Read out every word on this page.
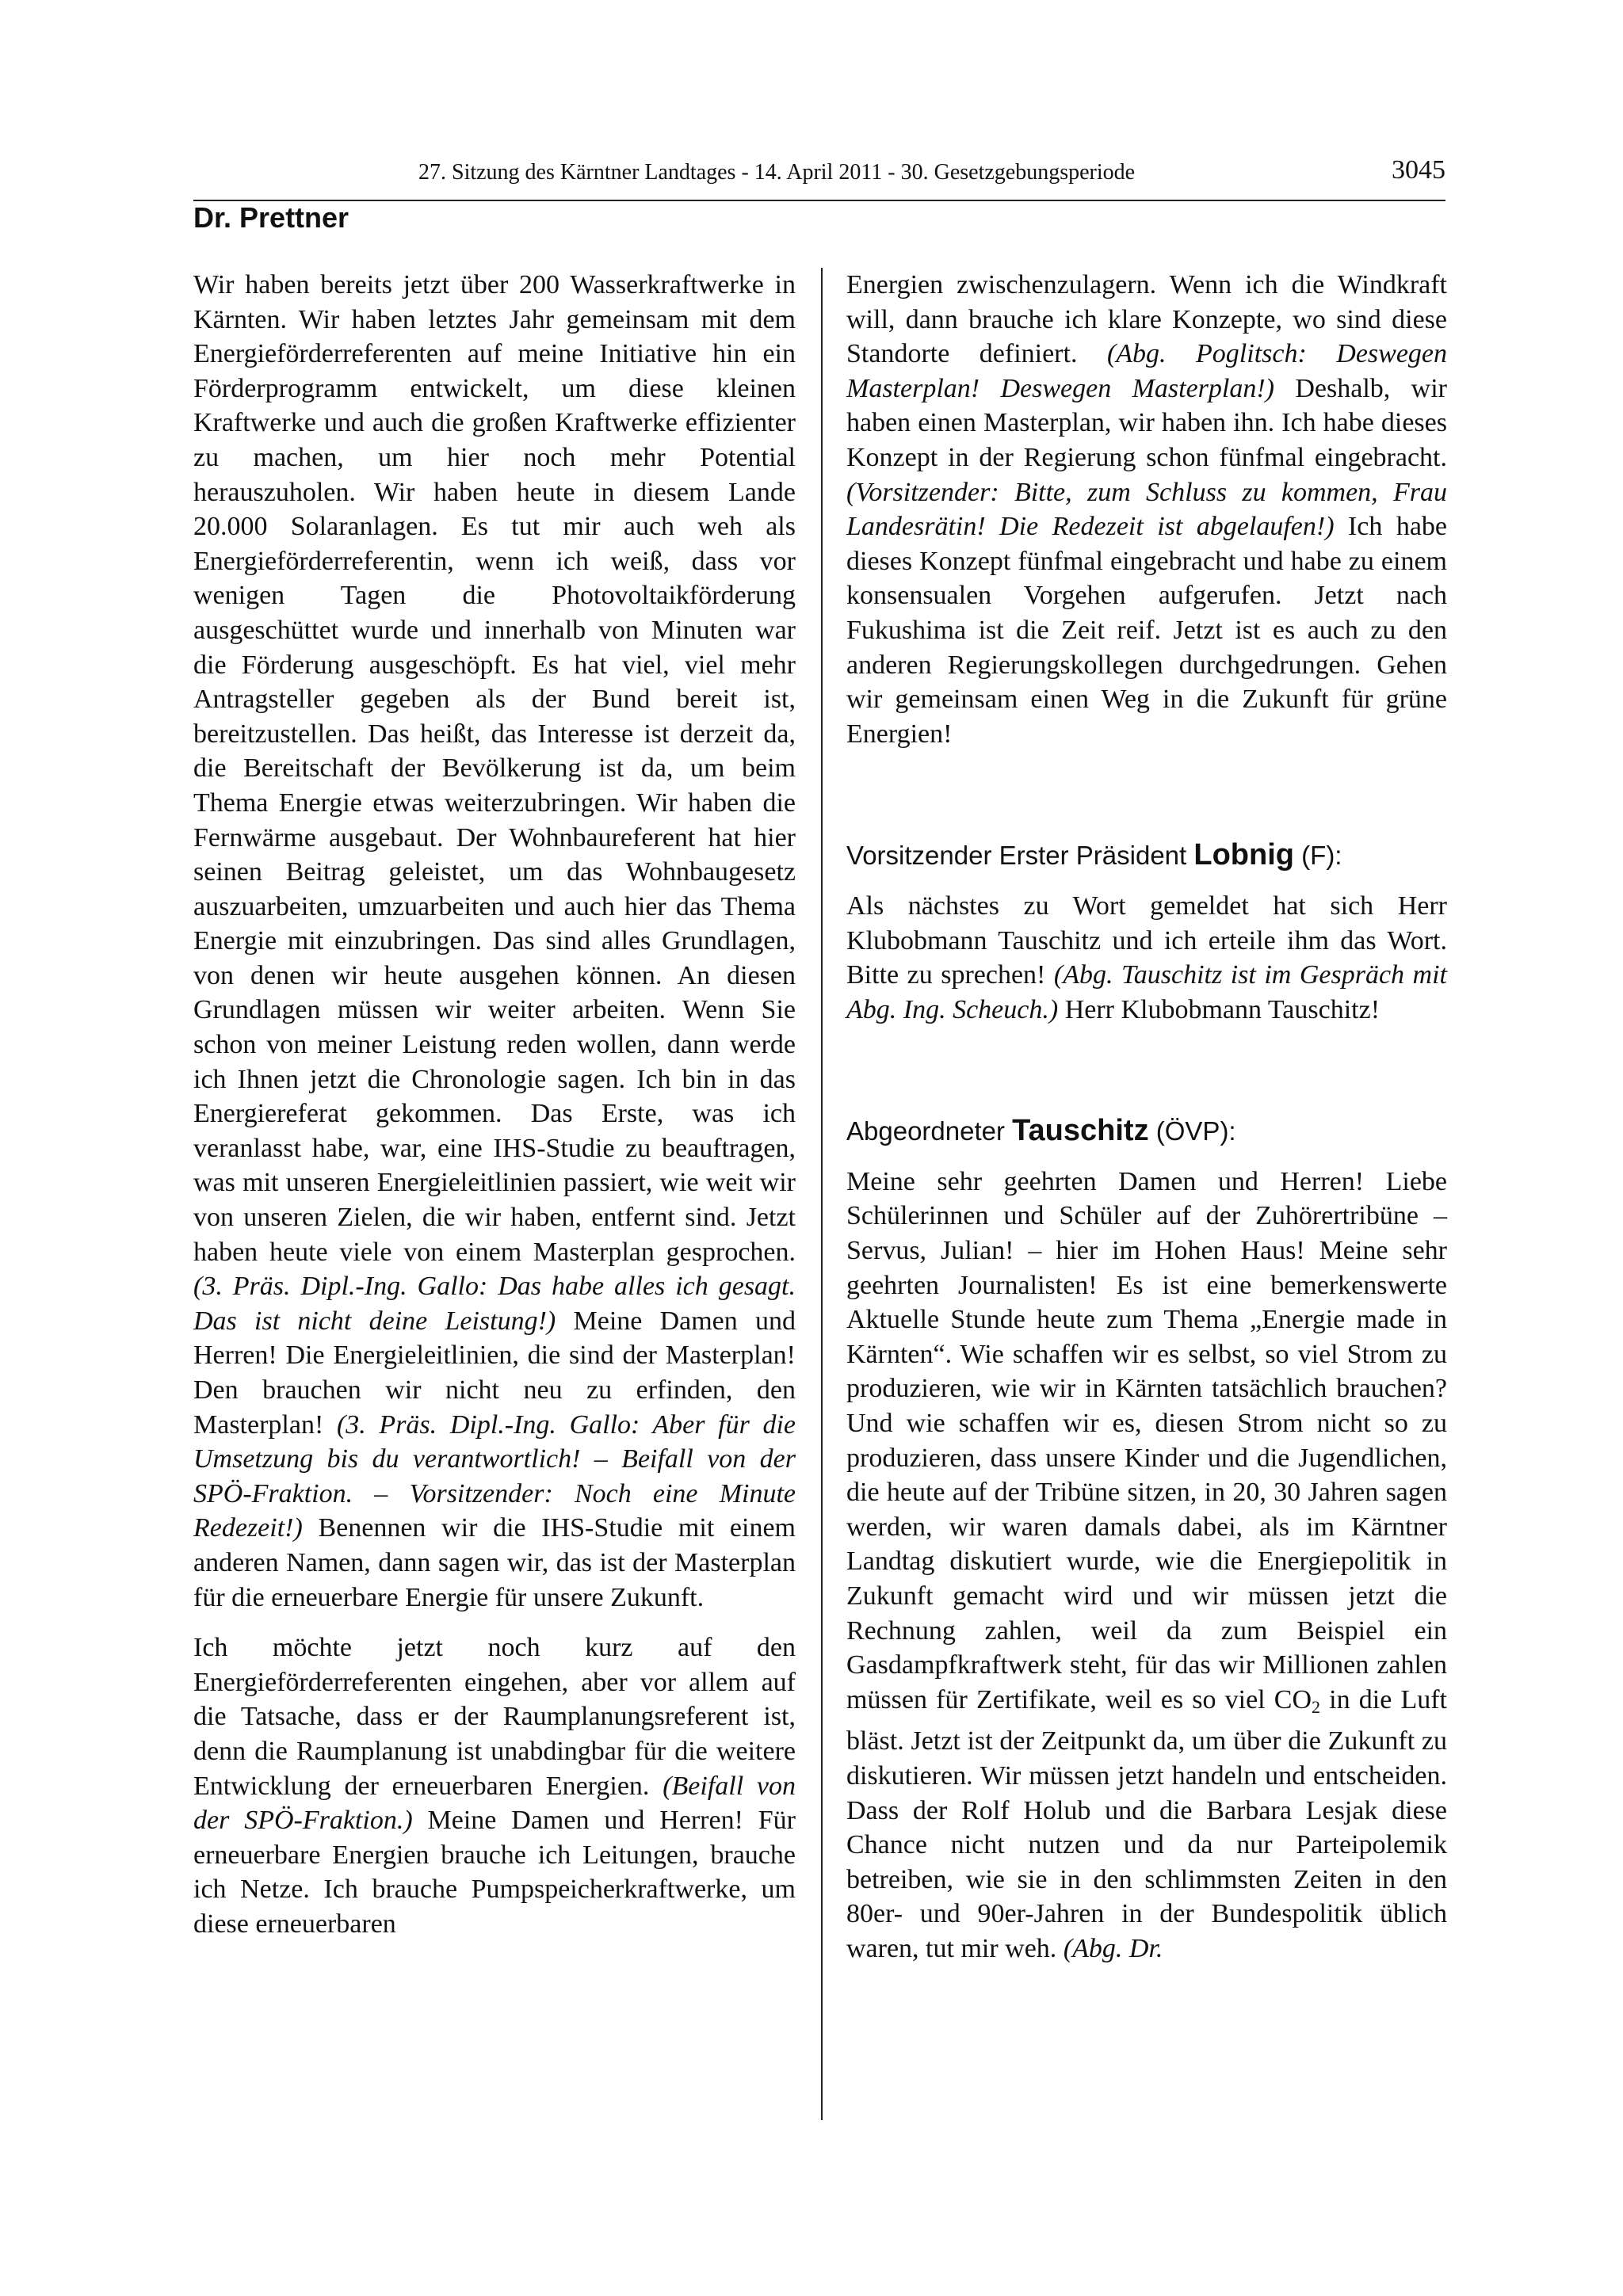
27. Sitzung des Kärntner Landtages - 14. April 2011 - 30. Gesetzgebungsperiode	3045
Dr. Prettner

Wir haben bereits jetzt über 200 Wasserkraftwerke in Kärnten. Wir haben letztes Jahr gemeinsam mit dem Energieförderreferenten auf meine Initiative hin ein Förderprogramm entwickelt, um diese kleinen Kraftwerke und auch die großen Kraftwerke effizienter zu machen, um hier noch mehr Potential herauszuholen. Wir haben heute in diesem Lande 20.000 Solaranlagen. Es tut mir auch weh als Energieförderreferentin, wenn ich weiß, dass vor wenigen Tagen die Photovoltaikförderung ausgeschüttet wurde und innerhalb von Minuten war die Förderung ausgeschöpft. Es hat viel, viel mehr Antragsteller gegeben als der Bund bereit ist, bereitzustellen. Das heißt, das Interesse ist derzeit da, die Bereitschaft der Bevölkerung ist da, um beim Thema Energie etwas weiterzubringen. Wir haben die Fernwärme ausgebaut. Der Wohnbaureferent hat hier seinen Beitrag geleistet, um das Wohnbaugesetz auszuarbeiten, umzuarbeiten und auch hier das Thema Energie mit einzubringen. Das sind alles Grundlagen, von denen wir heute ausgehen können. An diesen Grundlagen müssen wir weiter arbeiten. Wenn Sie schon von meiner Leistung reden wollen, dann werde ich Ihnen jetzt die Chronologie sagen. Ich bin in das Energiereferat gekommen. Das Erste, was ich veranlasst habe, war, eine IHS-Studie zu beauftragen, was mit unseren Energieleitlinien passiert, wie weit wir von unseren Zielen, die wir haben, entfernt sind. Jetzt haben heute viele von einem Masterplan gesprochen. (3. Präs. Dipl.-Ing. Gallo: Das habe alles ich gesagt. Das ist nicht deine Leistung!) Meine Damen und Herren! Die Energieleitlinien, die sind der Masterplan! Den brauchen wir nicht neu zu erfinden, den Masterplan! (3. Präs. Dipl.-Ing. Gallo: Aber für die Umsetzung bis du verantwortlich! – Beifall von der SPÖ-Fraktion. – Vorsitzender: Noch eine Minute Redezeit!) Benennen wir die IHS-Studie mit einem anderen Namen, dann sagen wir, das ist der Masterplan für die erneuerbare Energie für unsere Zukunft.

Ich möchte jetzt noch kurz auf den Energieförderreferenten eingehen, aber vor allem auf die Tatsache, dass er der Raumplanungsreferent ist, denn die Raumplanung ist unabdingbar für die weitere Entwicklung der erneuerbaren Energien. (Beifall von der SPÖ-Fraktion.) Meine Damen und Herren! Für erneuerbare Energien brauche ich Leitungen, brauche ich Netze. Ich brauche Pumpspeicherkraftwerke, um diese erneuerbaren

Energien zwischenzulagern. Wenn ich die Windkraft will, dann brauche ich klare Konzepte, wo sind diese Standorte definiert. (Abg. Poglitsch: Deswegen Masterplan! Deswegen Masterplan!) Deshalb, wir haben einen Masterplan, wir haben ihn. Ich habe dieses Konzept in der Regierung schon fünfmal eingebracht. (Vorsitzender: Bitte, zum Schluss zu kommen, Frau Landesrätin! Die Redezeit ist abgelaufen!) Ich habe dieses Konzept fünfmal eingebracht und habe zu einem konsensualen Vorgehen aufgerufen. Jetzt nach Fukushima ist die Zeit reif. Jetzt ist es auch zu den anderen Regierungskollegen durchgedrungen. Gehen wir gemeinsam einen Weg in die Zukunft für grüne Energien!

Vorsitzender Erster Präsident Lobnig (F):

Als nächstes zu Wort gemeldet hat sich Herr Klubobmann Tauschitz und ich erteile ihm das Wort. Bitte zu sprechen! (Abg. Tauschitz ist im Gespräch mit Abg. Ing. Scheuch.) Herr Klubobmann Tauschitz!

Abgeordneter Tauschitz (ÖVP):

Meine sehr geehrten Damen und Herren! Liebe Schülerinnen und Schüler auf der Zuhörertribüne – Servus, Julian! – hier im Hohen Haus! Meine sehr geehrten Journalisten! Es ist eine bemerkenswerte Aktuelle Stunde heute zum Thema „Energie made in Kärnten“. Wie schaffen wir es selbst, so viel Strom zu produzieren, wie wir in Kärnten tatsächlich brauchen? Und wie schaffen wir es, diesen Strom nicht so zu produzieren, dass unsere Kinder und die Jugendlichen, die heute auf der Tribüne sitzen, in 20, 30 Jahren sagen werden, wir waren damals dabei, als im Kärntner Landtag diskutiert wurde, wie die Energiepolitik in Zukunft gemacht wird und wir müssen jetzt die Rechnung zahlen, weil da zum Beispiel ein Gasdampfkraftwerk steht, für das wir Millionen zahlen müssen für Zertifikate, weil es so viel $CO_2$ in die Luft bläst. Jetzt ist der Zeitpunkt da, um über die Zukunft zu diskutieren. Wir müssen jetzt handeln und entscheiden. Dass der Rolf Holub und die Barbara Lesjak diese Chance nicht nutzen und da nur Parteipolemik betreiben, wie sie in den schlimmsten Zeiten in den 80er- und 90er-Jahren in der Bundespolitik üblich waren, tut mir weh. (Abg. Dr.
